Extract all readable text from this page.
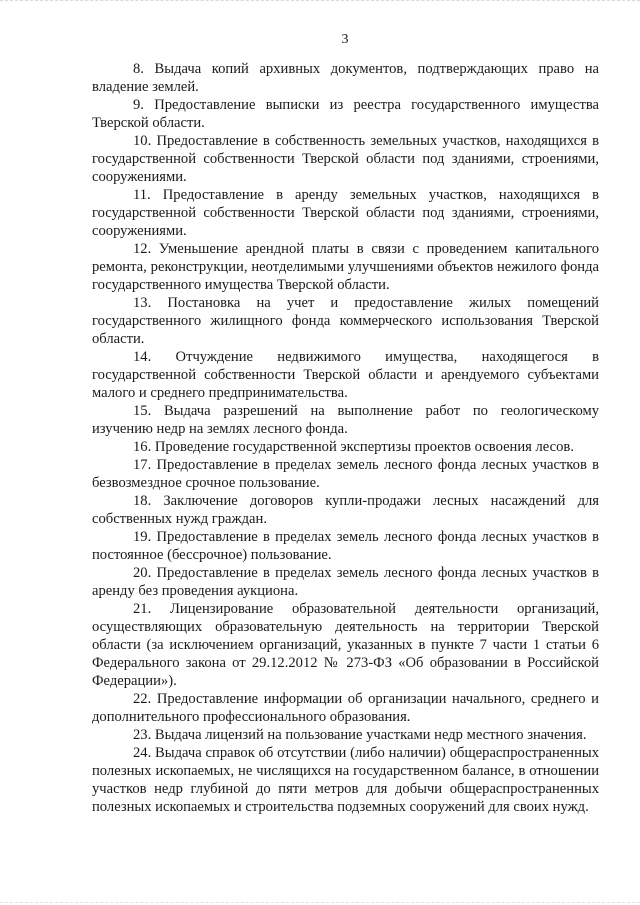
3

8. Выдача копий архивных документов, подтверждающих право на владение землей.

9. Предоставление выписки из реестра государственного имущества Тверской области.

10. Предоставление в собственность земельных участков, находящихся в государственной собственности Тверской области под зданиями, строениями, сооружениями.

11. Предоставление в аренду земельных участков, находящихся в государственной собственности Тверской области под зданиями, строениями, сооружениями.

12. Уменьшение арендной платы в связи с проведением капитального ремонта, реконструкции, неотделимыми улучшениями объектов нежилого фонда государственного имущества Тверской области.

13. Постановка на учет и предоставление жилых помещений государственного жилищного фонда коммерческого использования Тверской области.

14. Отчуждение недвижимого имущества, находящегося в государственной собственности Тверской области и арендуемого субъектами малого и среднего предпринимательства.

15. Выдача разрешений на выполнение работ по геологическому изучению недр на землях лесного фонда.

16. Проведение государственной экспертизы проектов освоения лесов.

17. Предоставление в пределах земель лесного фонда лесных участков в безвозмездное срочное пользование.

18. Заключение договоров купли-продажи лесных насаждений для собственных нужд граждан.

19. Предоставление в пределах земель лесного фонда лесных участков в постоянное (бессрочное) пользование.

20. Предоставление в пределах земель лесного фонда лесных участков в аренду без проведения аукциона.

21. Лицензирование образовательной деятельности организаций, осуществляющих образовательную деятельность на территории Тверской области (за исключением организаций, указанных в пункте 7 части 1 статьи 6 Федерального закона от 29.12.2012 № 273-ФЗ «Об образовании в Российской Федерации»).

22. Предоставление информации об организации начального, среднего и дополнительного профессионального образования.

23. Выдача лицензий на пользование участками недр местного значения.

24. Выдача справок об отсутствии (либо наличии) общераспространенных полезных ископаемых, не числящихся на государственном балансе, в отношении участков недр глубиной до пяти метров для добычи общераспространенных полезных ископаемых и строительства подземных сооружений для своих нужд.
